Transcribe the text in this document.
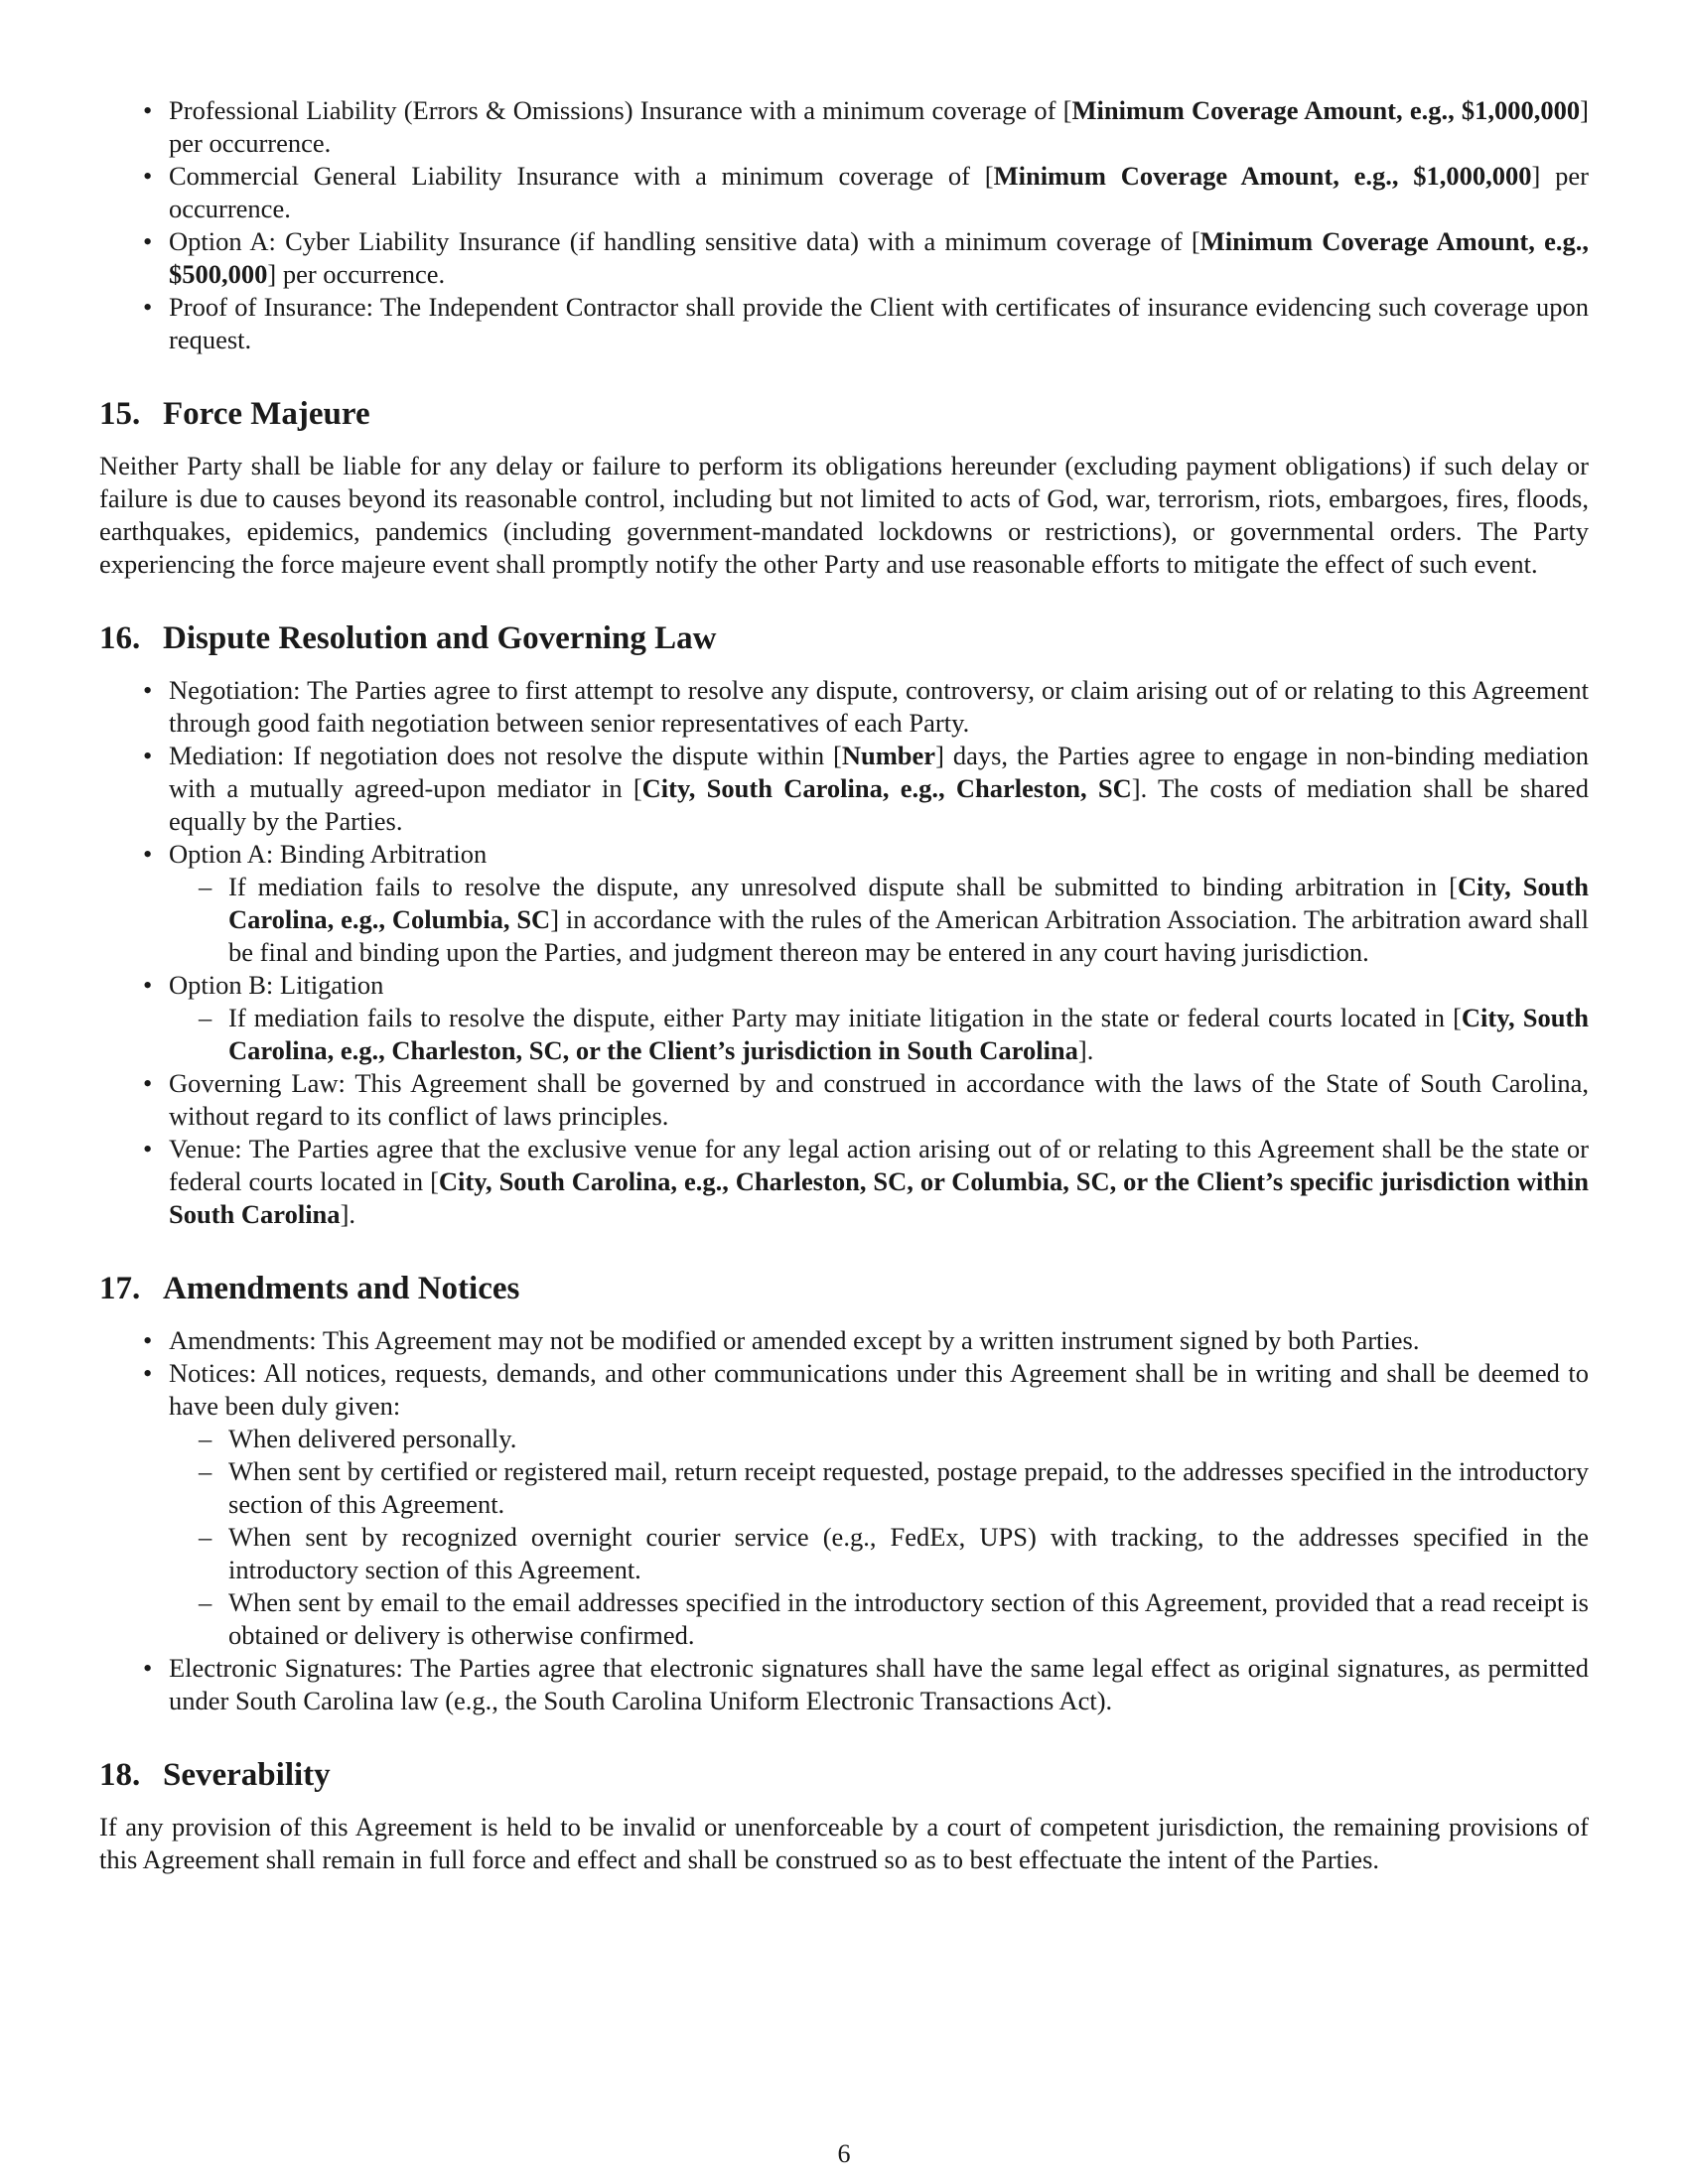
• Professional Liability (Errors & Omissions) Insurance with a minimum coverage of [Minimum Coverage Amount, e.g., $1,000,000] per occurrence.
• Commercial General Liability Insurance with a minimum coverage of [Minimum Coverage Amount, e.g., $1,000,000] per occurrence.
• Option A: Cyber Liability Insurance (if handling sensitive data) with a minimum coverage of [Minimum Coverage Amount, e.g., $500,000] per occurrence.
• Proof of Insurance: The Independent Contractor shall provide the Client with certificates of insurance evidencing such coverage upon request.
15. Force Majeure

Neither Party shall be liable for any delay or failure to perform its obligations hereunder (excluding payment obligations) if such delay or failure is due to causes beyond its reasonable control, including but not limited to acts of God, war, terrorism, riots, embargoes, fires, floods, earthquakes, epidemics, pandemics (including government-mandated lockdowns or restrictions), or governmental orders. The Party experiencing the force majeure event shall promptly notify the other Party and use reasonable efforts to mitigate the effect of such event.

16. Dispute Resolution and Governing Law
• Negotiation: The Parties agree to first attempt to resolve any dispute, controversy, or claim arising out of or relating to this Agreement through good faith negotiation between senior representatives of each Party.
• Mediation: If negotiation does not resolve the dispute within [Number] days, the Parties agree to engage in non-binding mediation with a mutually agreed-upon mediator in [City, South Carolina, e.g., Charleston, SC]. The costs of mediation shall be shared equally by the Parties.
• Option A: Binding Arbitration
– If mediation fails to resolve the dispute, any unresolved dispute shall be submitted to binding arbitration in [City, South Carolina, e.g., Columbia, SC] in accordance with the rules of the American Arbitration Association. The arbitration award shall be final and binding upon the Parties, and judgment thereon may be entered in any court having jurisdiction.
• Option B: Litigation
– If mediation fails to resolve the dispute, either Party may initiate litigation in the state or federal courts located in [City, South Carolina, e.g., Charleston, SC, or the Client’s jurisdiction in South Carolina].
• Governing Law: This Agreement shall be governed by and construed in accordance with the laws of the State of South Carolina, without regard to its conflict of laws principles.
• Venue: The Parties agree that the exclusive venue for any legal action arising out of or relating to this Agreement shall be the state or federal courts located in [City, South Carolina, e.g., Charleston, SC, or Columbia, SC, or the Client’s specific jurisdiction within South Carolina].
17. Amendments and Notices
• Amendments: This Agreement may not be modified or amended except by a written instrument signed by both Parties.
• Notices: All notices, requests, demands, and other communications under this Agreement shall be in writing and shall be deemed to have been duly given:
– When delivered personally.
– When sent by certified or registered mail, return receipt requested, postage prepaid, to the addresses specified in the introductory section of this Agreement.
– When sent by recognized overnight courier service (e.g., FedEx, UPS) with tracking, to the addresses specified in the introductory section of this Agreement.
– When sent by email to the email addresses specified in the introductory section of this Agreement, provided that a read receipt is obtained or delivery is otherwise confirmed.
• Electronic Signatures: The Parties agree that electronic signatures shall have the same legal effect as original signatures, as permitted under South Carolina law (e.g., the South Carolina Uniform Electronic Transactions Act).
18. Severability

If any provision of this Agreement is held to be invalid or unenforceable by a court of competent jurisdiction, the remaining provisions of this Agreement shall remain in full force and effect and shall be construed so as to best effectuate the intent of the Parties.

6
